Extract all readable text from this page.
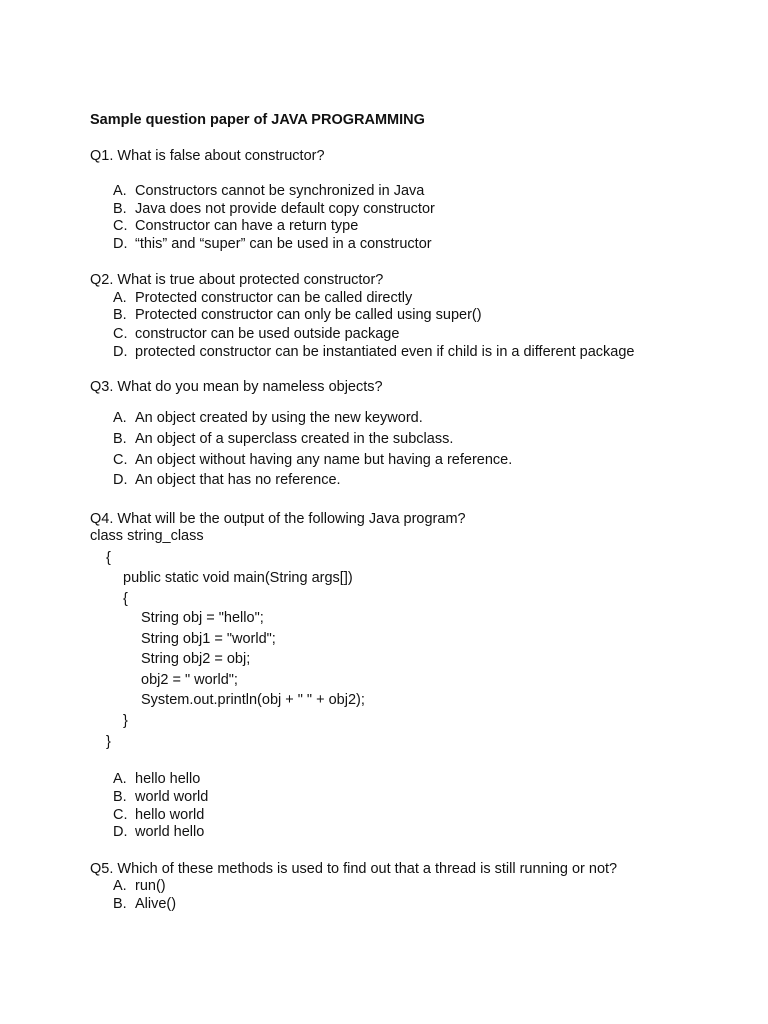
Sample question paper of JAVA PROGRAMMING
Q1. What is false about constructor?
A. Constructors cannot be synchronized in Java
B. Java does not provide default copy constructor
C. Constructor can have a return type
D. “this” and “super” can be used in a constructor
Q2. What is true about protected constructor?
A. Protected constructor can be called directly
B. Protected constructor can only be called using super()
C. constructor can be used outside package
D. protected constructor can be instantiated even if child is in a different package
Q3. What do you mean by nameless objects?
A. An object created by using the new keyword.
B. An object of a superclass created in the subclass.
C. An object without having any name but having a reference.
D. An object that has no reference.
Q4. What will be the output of the following Java program?
class string_class
{
public static void main(String args[])
{
String obj = "hello";
String obj1 = "world";
String obj2 = obj;
obj2 = " world";
System.out.println(obj + " " + obj2);
}
}
A. hello hello
B. world world
C. hello world
D. world hello
Q5. Which of these methods is used to find out that a thread is still running or not?
A. run()
B. Alive()
